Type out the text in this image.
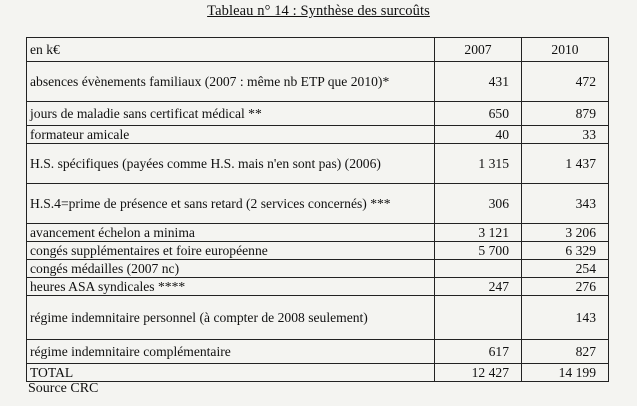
Tableau n° 14 : Synthèse des surcoûts
en k€	2007	2010
absences évènements familiaux (2007 : même nb ETP que 2010)*	431	472
jours de maladie sans certificat médical **	650	879
formateur amicale	40	33
H.S. spécifiques (payées comme H.S. mais n'en sont pas) (2006)	1 315	1 437
H.S.4=prime de présence et sans retard (2 services concernés) ***	306	343
avancement échelon a minima	3 121	3 206
congés supplémentaires et foire européenne	5 700	6 329
congés médailles (2007 nc)		254
heures ASA syndicales ****	247	276
régime indemnitaire personnel (à compter de 2008 seulement)		143
régime indemnitaire complémentaire	617	827
TOTAL	12 427	14 199
Source CRC
